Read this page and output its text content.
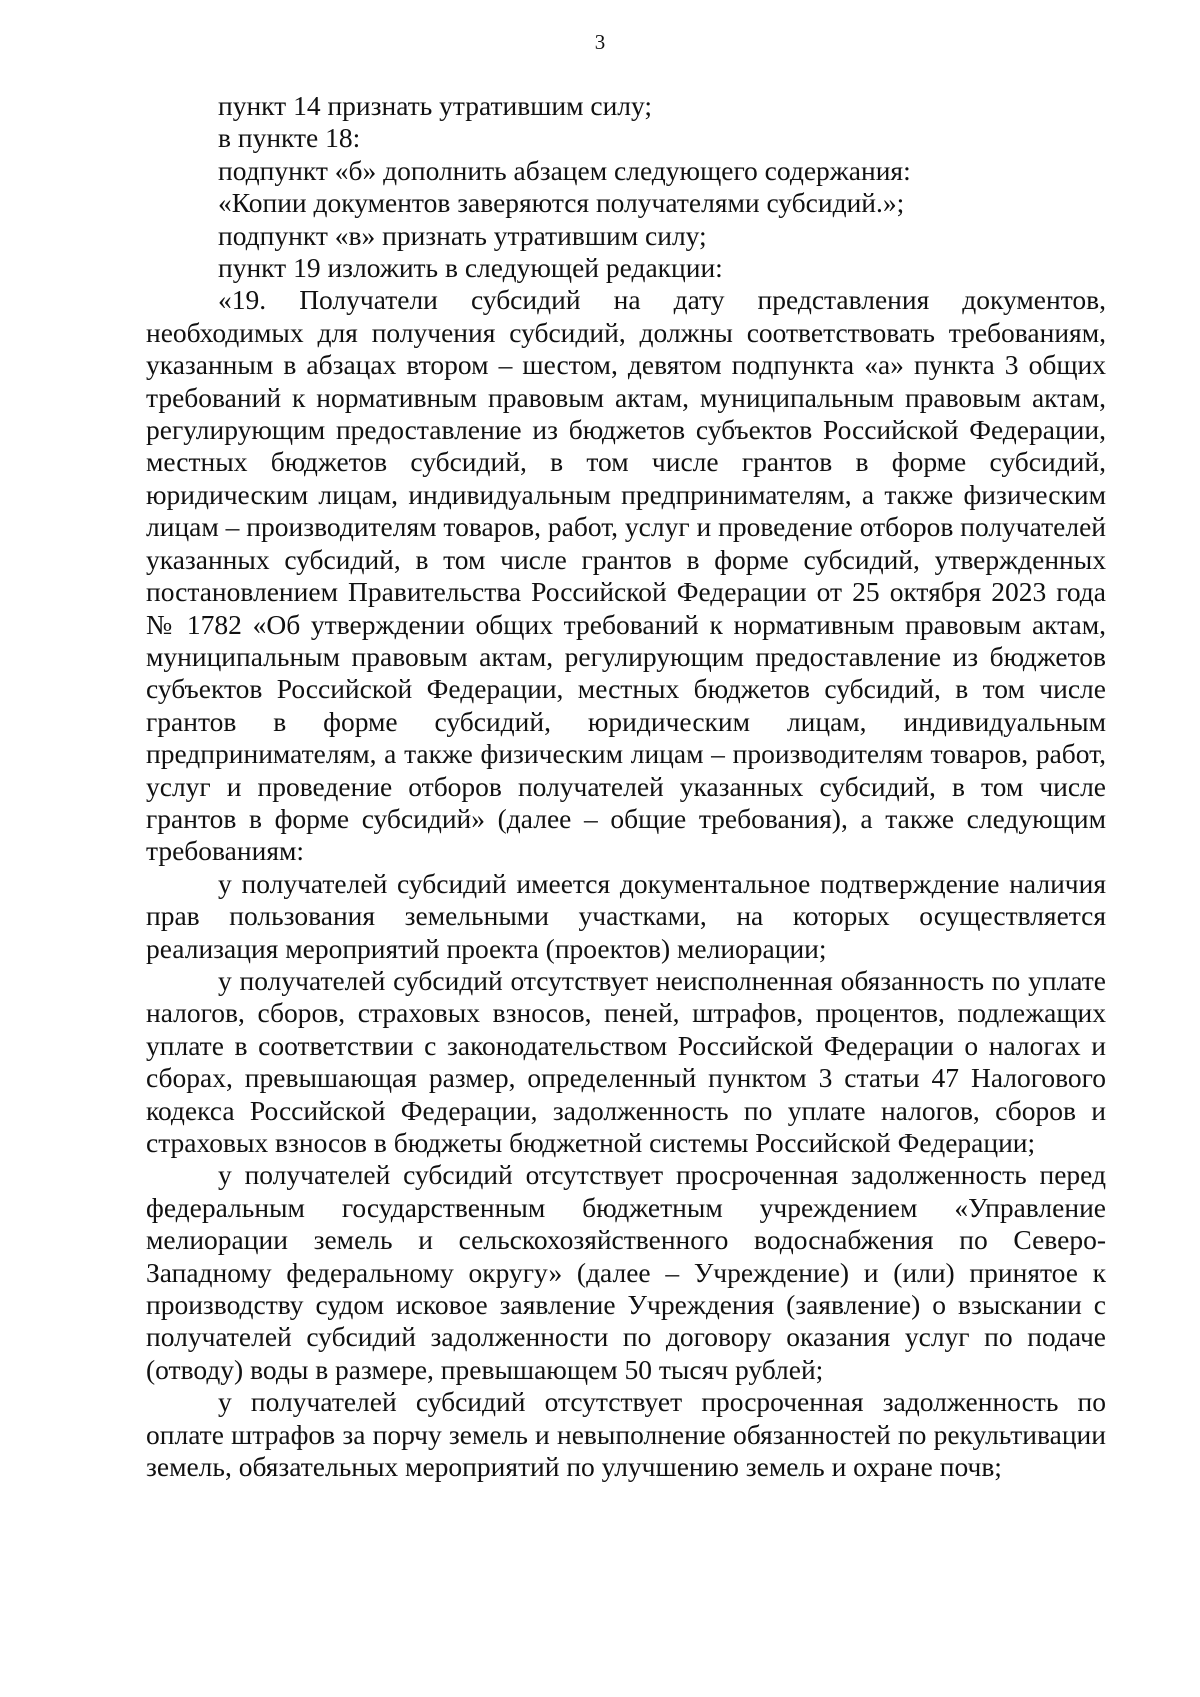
3

пункт 14 признать утратившим силу;

в пункте 18:

подпункт «б» дополнить абзацем следующего содержания:

«Копии документов заверяются получателями субсидий.»;

подпункт «в» признать утратившим силу;

пункт 19 изложить в следующей редакции:

«19. Получатели субсидий на дату представления документов, необходимых для получения субсидий, должны соответствовать требованиям, указанным в абзацах втором – шестом, девятом подпункта «а» пункта 3 общих требований к нормативным правовым актам, муниципальным правовым актам, регулирующим предоставление из бюджетов субъектов Российской Федерации, местных бюджетов субсидий, в том числе грантов в форме субсидий, юридическим лицам, индивидуальным предпринимателям, а также физическим лицам – производителям товаров, работ, услуг и проведение отборов получателей указанных субсидий, в том числе грантов в форме субсидий, утвержденных постановлением Правительства Российской Федерации от 25 октября 2023 года № 1782 «Об утверждении общих требований к нормативным правовым актам, муниципальным правовым актам, регулирующим предоставление из бюджетов субъектов Российской Федерации, местных бюджетов субсидий, в том числе грантов в форме субсидий, юридическим лицам, индивидуальным предпринимателям, а также физическим лицам – производителям товаров, работ, услуг и проведение отборов получателей указанных субсидий, в том числе грантов в форме субсидий» (далее – общие требования), а также следующим требованиям:

у получателей субсидий имеется документальное подтверждение наличия прав пользования земельными участками, на которых осуществляется реализация мероприятий проекта (проектов) мелиорации;

у получателей субсидий отсутствует неисполненная обязанность по уплате налогов, сборов, страховых взносов, пеней, штрафов, процентов, подлежащих уплате в соответствии с законодательством Российской Федерации о налогах и сборах, превышающая размер, определенный пунктом 3 статьи 47 Налогового кодекса Российской Федерации, задолженность по уплате налогов, сборов и страховых взносов в бюджеты бюджетной системы Российской Федерации;

у получателей субсидий отсутствует просроченная задолженность перед федеральным государственным бюджетным учреждением «Управление мелиорации земель и сельскохозяйственного водоснабжения по Северо-Западному федеральному округу» (далее – Учреждение) и (или) принятое к производству судом исковое заявление Учреждения (заявление) о взыскании с получателей субсидий задолженности по договору оказания услуг по подаче (отводу) воды в размере, превышающем 50 тысяч рублей;

у получателей субсидий отсутствует просроченная задолженность по оплате штрафов за порчу земель и невыполнение обязанностей по рекультивации земель, обязательных мероприятий по улучшению земель и охране почв;
